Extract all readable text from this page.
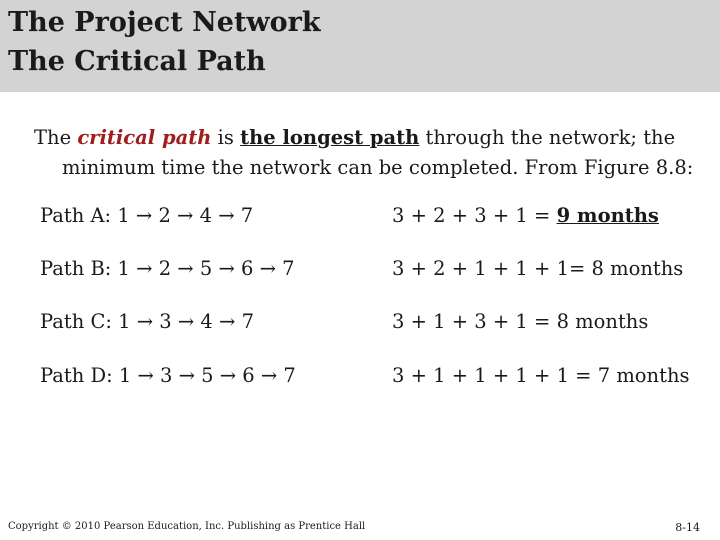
The Project Network
The Critical Path
The critical path is the longest path through the network; the
minimum time the network can be completed. From Figure 8.8:
Path A: 1 → 2 → 4 → 7	3 + 2 + 3 + 1 = 9 months
Path B: 1 → 2 → 5 → 6 → 7	3 + 2 + 1 + 1 + 1= 8 months
Path C: 1 → 3 → 4 → 7	3 + 1 + 3 + 1 = 8 months
Path D: 1 → 3 → 5 → 6 → 7	3 + 1 + 1 + 1 + 1 = 7 months
Copyright © 2010 Pearson Education, Inc. Publishing as Prentice Hall	8-14
